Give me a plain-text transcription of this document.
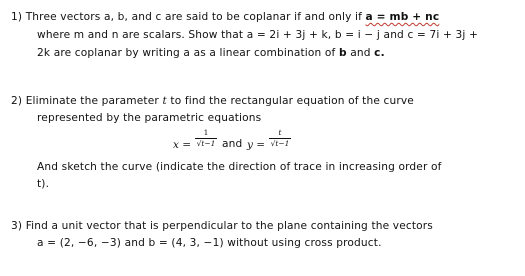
1) Three vectors a, b, and c are said to be coplanar if and only if a = mb + nc
where m and n are scalars. Show that a = 2i + 3j + k, b = i − j and c = 7i + 3j +
2k are coplanar by writing a as a linear combination of b and c.
2) Eliminate the parameter t to find the rectangular equation of the curve
represented by the parametric equations
x =
1
√t−1 and y =
t
√t−1
And sketch the curve (indicate the direction of trace in increasing order of
t).
3) Find a unit vector that is perpendicular to the plane containing the vectors
a = (2, −6, −3) and b = (4, 3, −1) without using cross product.
